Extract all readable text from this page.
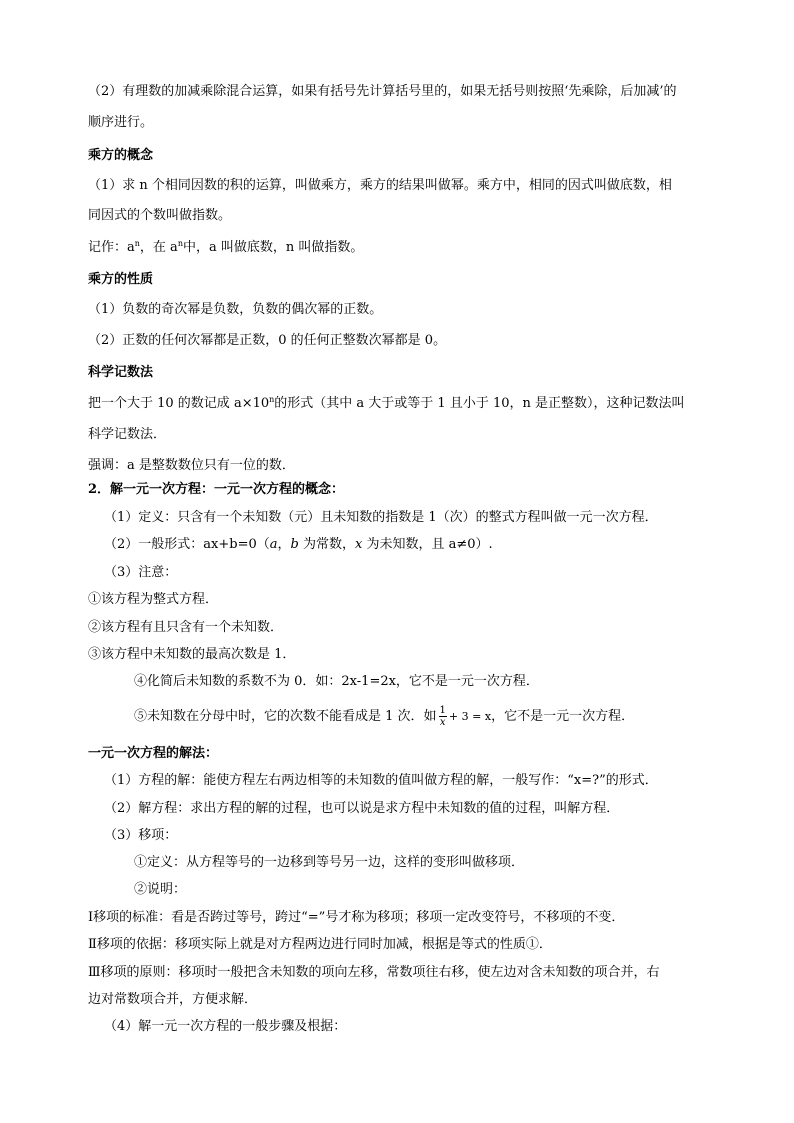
（2）有理数的加减乘除混合运算，如果有括号先计算括号里的，如果无括号则按照‘先乘除，后加减’的
顺序进行。
乘方的概念
（1）求 n 个相同因数的积的运算，叫做乘方，乘方的结果叫做幂。乘方中，相同的因式叫做底数，相
同因式的个数叫做指数。
记作：$a^n$，在 $a^n$中，a 叫做底数，n 叫做指数。
乘方的性质
（1）负数的奇次幂是负数，负数的偶次幂的正数。
（2）正数的任何次幂都是正数，0 的任何正整数次幂都是 0。
科学记数法
把一个大于 10 的数记成 $a\times 10^n$的形式（其中 a 大于或等于 1 且小于 10，n 是正整数），这种记数法叫
科学记数法．
强调：a 是整数数位只有一位的数．
2．解一元一次方程：一元一次方程的概念：
（1）定义：只含有一个未知数（元）且未知数的指数是 1（次）的整式方程叫做一元一次方程．
（2）一般形式：ax+b=0（a，b 为常数，x 为未知数，且 a≠0）.
（3）注意：
①该方程为整式方程．
②该方程有且只含有一个未知数．
③该方程中未知数的最高次数是 1．
④化简后未知数的系数不为 0．如：2x-1=2x，它不是一元一次方程．
⑤未知数在分母中时，它的次数不能看成是 1 次．如 $\frac{1}{x} + 3 = x$，它不是一元一次方程．
一元一次方程的解法：
（1）方程的解：能使方程左右两边相等的未知数的值叫做方程的解，一般写作：“x=?”的形式．
（2）解方程：求出方程的解的过程，也可以说是求方程中未知数的值的过程，叫解方程．
（3）移项：
①定义：从方程等号的一边移到等号另一边，这样的变形叫做移项．
②说明：
Ⅰ移项的标准：看是否跨过等号，跨过“=”号才称为移项；移项一定改变符号，不移项的不变．
Ⅱ移项的依据：移项实际上就是对方程两边进行同时加减，根据是等式的性质①．
Ⅲ移项的原则：移项时一般把含未知数的项向左移，常数项往右移，使左边对含未知数的项合并，右
边对常数项合并，方便求解．
（4）解一元一次方程的一般步骤及根据：
